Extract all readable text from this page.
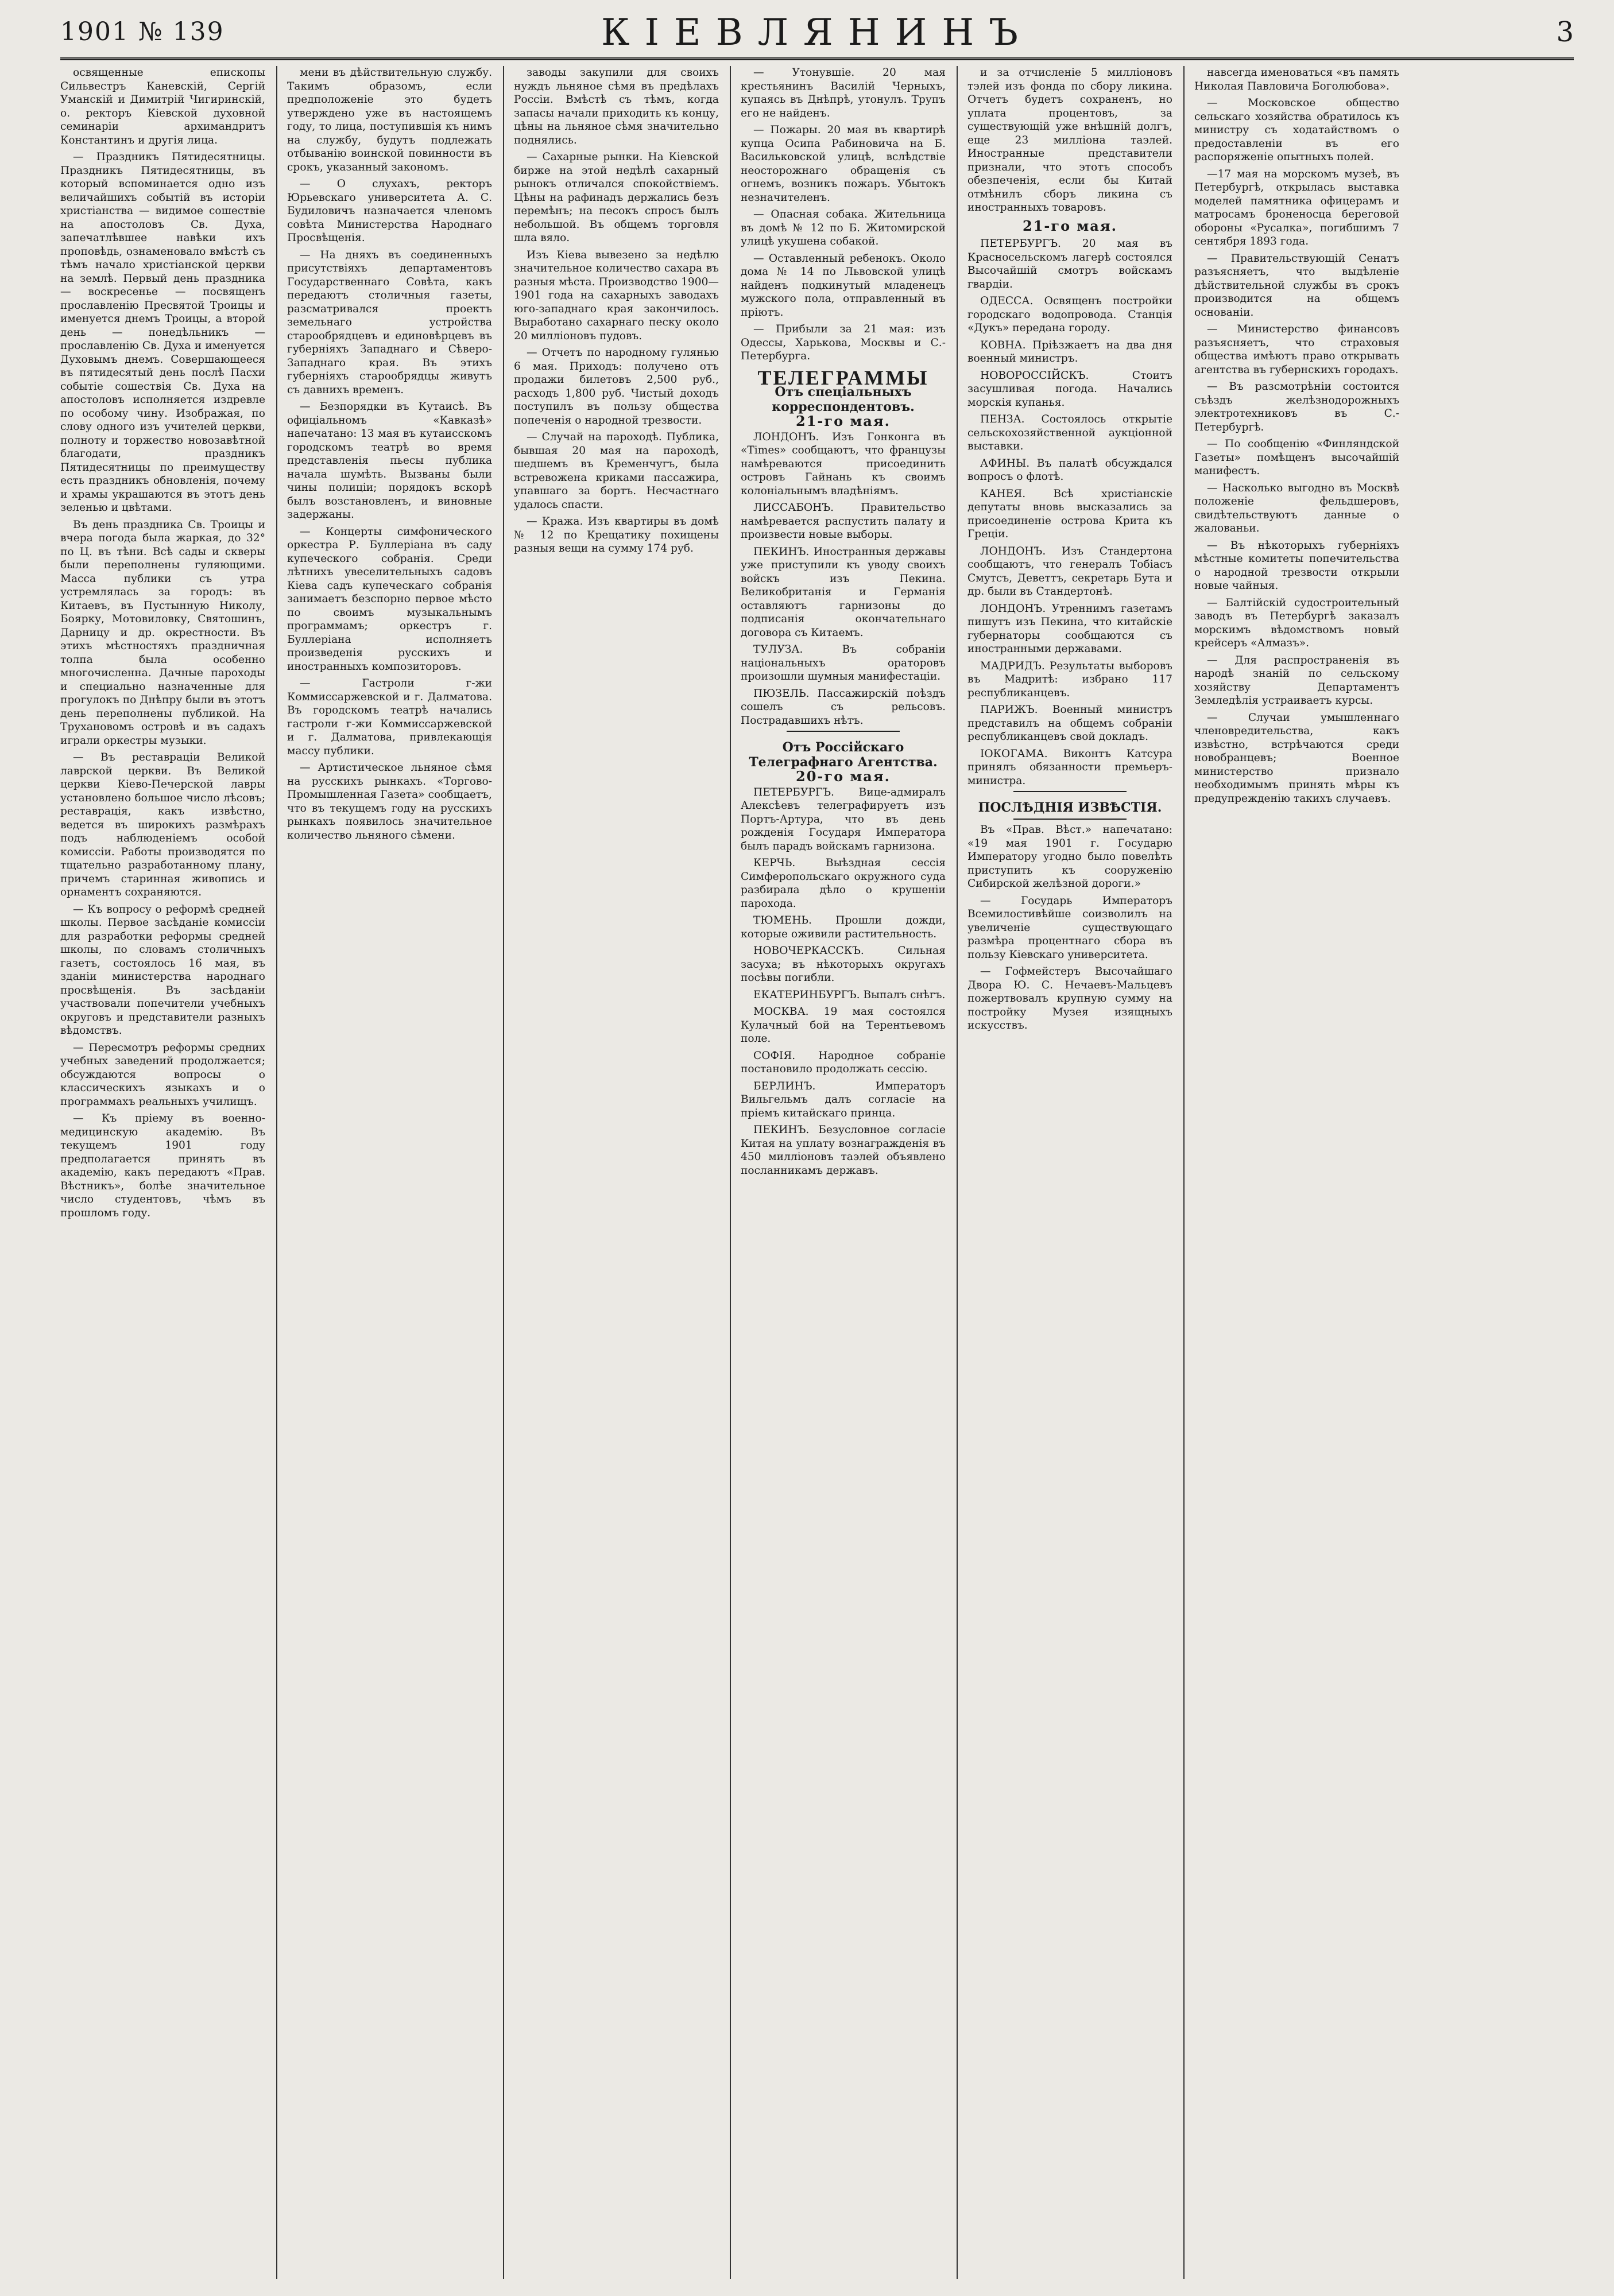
1901 № 139	КІЕВЛЯНИНЪ	3

освященные епископы Сильвестръ Каневскій, Сергій Уманскій и Димитрій Чигиринскій, о. ректоръ Кіевской духовной семинаріи архимандритъ Константинъ и другія лица.

— Праздникъ Пятидесятницы. Праздникъ Пятидесятницы, въ который вспоминается одно изъ величайшихъ событій въ исторіи христіанства — видимое сошествіе на апостоловъ Св. Духа, запечатлѣвшее навѣки ихъ проповѣдь, ознаменовало вмѣстѣ съ тѣмъ начало христіанской церкви на землѣ. Первый день праздника — воскресенье — посвященъ прославленію Пресвятой Троицы и именуется днемъ Троицы, а второй день — понедѣльникъ — прославленію Св. Духа и именуется Духовымъ днемъ. Совершающееся въ пятидесятый день послѣ Пасхи событіе сошествія Св. Духа на апостоловъ исполняется издревле по особому чину. Изображая, по слову одного изъ учителей церкви, полноту и торжество новозавѣтной благодати, праздникъ Пятидесятницы по преимуществу есть праздникъ обновленія, почему и храмы украшаются въ этотъ день зеленью и цвѣтами.

Въ день праздника Св. Троицы и вчера погода была жаркая, до 32° по Ц. въ тѣни. Всѣ сады и скверы были переполнены гуляющими. Масса публики съ утра устремлялась за городъ: въ Китаевъ, въ Пустынную Николу, Боярку, Мотовиловку, Святошинъ, Дарницу и др. окрестности. Въ этихъ мѣстностяхъ праздничная толпа была особенно многочисленна. Дачные пароходы и специально назначенные для прогулокъ по Днѣпру были въ этотъ день переполнены публикой. На Трухановомъ островѣ и въ садахъ играли оркестры музыки.

— Въ реставраціи Великой лаврской церкви. Въ Великой церкви Кіево-Печерской лавры установлено большое число лѣсовъ; реставрація, какъ извѣстно, ведется въ широкихъ размѣрахъ подъ наблюденіемъ особой комиссіи. Работы производятся по тщательно разработанному плану, причемъ старинная живопись и орнаментъ сохраняются.

— Къ вопросу о реформѣ средней школы. Первое засѣданіе комиссіи для разработки реформы средней школы, по словамъ столичныхъ газетъ, состоялось 16 мая, въ зданіи министерства народнаго просвѣщенія. Въ засѣданіи участвовали попечители учебныхъ округовъ и представители разныхъ вѣдомствъ.

— Пересмотръ реформы средних учебных заведений продолжается; обсуждаются вопросы о классическихъ языкахъ и о программахъ реальныхъ училищъ.

— Къ пріему въ военно-медицинскую академію. Въ текущемъ 1901 году предполагается принять въ академію, какъ передаютъ «Прав. Вѣстникъ», болѣе значительное число студентовъ, чѣмъ въ прошломъ году.

мени въ дѣйствительную службу. Такимъ образомъ, если предположеніе это будетъ утверждено уже въ настоящемъ году, то лица, поступившія къ нимъ на службу, будутъ подлежать отбыванію воинской повинности въ срокъ, указанный закономъ.

— О слухахъ, ректоръ Юрьевскаго университета А. С. Будиловичъ назначается членомъ совѣта Министерства Народнаго Просвѣщенія.

— На дняхъ въ соединенныхъ присутствіяхъ департаментовъ Государственнаго Совѣта, какъ передаютъ столичныя газеты, разсматривался проектъ земельнаго устройства старообрядцевъ и единовѣрцевъ въ губерніяхъ Западнаго и Сѣверо-Западнаго края. Въ этихъ губерніяхъ старообрядцы живутъ съ давнихъ временъ.

— Безпорядки въ Кутаисѣ. Въ офиціальномъ «Кавказѣ» напечатано: 13 мая въ кутаисскомъ городскомъ театрѣ во время представленія пьесы публика начала шумѣть. Вызваны были чины полиціи; порядокъ вскорѣ былъ возстановленъ, и виновные задержаны.

— Концерты симфонического оркестра Р. Буллеріана въ саду купеческого собранія. Среди лѣтнихъ увеселительныхъ садовъ Кіева садъ купеческаго собранія занимаетъ безспорно первое мѣсто по своимъ музыкальнымъ программамъ; оркестръ г. Буллеріана исполняетъ произведенія русскихъ и иностранныхъ композиторовъ.

— Гастроли г-жи Коммиссаржевской и г. Далматова. Въ городскомъ театрѣ начались гастроли г-жи Коммиссаржевской и г. Далматова, привлекающія массу публики.

— Артистическое льняное сѣмя на русскихъ рынкахъ. «Торгово-Промышленная Газета» сообщаетъ, что въ текущемъ году на русскихъ рынкахъ появилось значительное количество льняного сѣмени.

заводы закупили для своихъ нуждъ льняное сѣмя въ предѣлахъ Россіи. Вмѣстѣ съ тѣмъ, когда запасы начали приходить къ концу, цѣны на льняное сѣмя значительно поднялись.

— Сахарные рынки. На Кіевской бирже на этой недѣлѣ сахарный рынокъ отличался спокойствіемъ. Цѣны на рафинадъ держались безъ перемѣнъ; на песокъ спросъ былъ небольшой. Въ общемъ торговля шла вяло.

Изъ Кіева вывезено за недѣлю значительное количество сахара въ разныя мѣста. Производство 1900—1901 года на сахарныхъ заводахъ юго-западнаго края закончилось. Выработано сахарнаго песку около 20 милліоновъ пудовъ.

— Отчетъ по народному гулянью 6 мая. Приходъ: получено отъ продажи билетовъ 2,500 руб., расходъ 1,800 руб. Чистый доходъ поступилъ въ пользу общества попеченія о народной трезвости.

— Случай на пароходѣ. Публика, бывшая 20 мая на пароходѣ, шедшемъ въ Кременчугъ, была встревожена криками пассажира, упавшаго за бортъ. Несчастнаго удалось спасти.

— Кража. Изъ квартиры въ домѣ № 12 по Крещатику похищены разныя вещи на сумму 174 руб.

— Утонувшіе. 20 мая крестьянинъ Василій Черныхъ, купаясь въ Днѣпрѣ, утонулъ. Трупъ его не найденъ.

— Пожары. 20 мая въ квартирѣ купца Осипа Рабиновича на Б. Васильковской улицѣ, вслѣдствіе неосторожнаго обращенія съ огнемъ, возникъ пожаръ. Убытокъ незначителенъ.

— Опасная собака. Жительница въ домѣ № 12 по Б. Житомирской улицѣ укушена собакой.

— Оставленный ребенокъ. Около дома № 14 по Львовской улицѣ найденъ подкинутый младенецъ мужского пола, отправленный въ пріютъ.

— Прибыли за 21 мая: изъ Одессы, Харькова, Москвы и С.-Петербурга.

ТЕЛЕГРАММЫ
Отъ спеціальныхъ корреспондентовъ.
21-го мая.

ЛОНДОНЪ. Изъ Гонконга въ «Times» сообщаютъ, что французы намѣреваются присоединить островъ Гайнань къ своимъ колоніальнымъ владѣніямъ.

ЛИССАБОНЪ. Правительство намѣревается распустить палату и произвести новые выборы.

ПЕКИНЪ. Иностранныя державы уже приступили къ уводу своихъ войскъ изъ Пекина. Великобританія и Германія оставляютъ гарнизоны до подписанія окончательнаго договора съ Китаемъ.

ТУЛУЗА. Въ собраніи національныхъ ораторовъ произошли шумныя манифестаціи.

ПЮЗЕЛЬ. Пассажирскій поѣздъ сошелъ съ рельсовъ. Пострадавшихъ нѣтъ.

Отъ Россійскаго Телеграфнаго Агентства.
20-го мая.

ПЕТЕРБУРГЪ. Вице-адмиралъ Алексѣевъ телеграфируетъ изъ Портъ-Артура, что въ день рожденія Государя Императора былъ парадъ войскамъ гарнизона.

КЕРЧЬ. Выѣздная сессія Симферопольскаго окружного суда разбирала дѣло о крушеніи парохода.

ТЮМЕНЬ. Прошли дожди, которые оживили растительность.

НОВОЧЕРКАССКЪ. Сильная засуха; въ нѣкоторыхъ округахъ посѣвы погибли.

ЕКАТЕРИНБУРГЪ. Выпалъ снѣгъ.

МОСКВА. 19 мая состоялся Кулачный бой на Терентьевомъ поле.

СОФІЯ. Народное собраніе постановило продолжать сессію.

БЕРЛИНЪ. Императоръ Вильгельмъ далъ согласіе на пріемъ китайскаго принца.

ПЕКИНЪ. Безусловное согласіе Китая на уплату вознагражденія въ 450 милліоновъ таэлей объявлено посланникамъ державъ.

и за отчисленіе 5 милліоновъ тэлей изъ фонда по сбору ликина. Отчетъ будетъ сохраненъ, но уплата процентовъ, за существующій уже внѣшній долгъ, еще 23 милліона таэлей. Иностранные представители признали, что этотъ способъ обезпеченія, если бы Китай отмѣнилъ сборъ ликина съ иностранныхъ товаровъ.

21-го мая.

ПЕТЕРБУРГЪ. 20 мая въ Красносельскомъ лагерѣ состоялся Высочайшій смотръ войскамъ гвардіи.

ОДЕССА. Освященъ постройки городскаго водопровода. Станція «Дукъ» передана городу.

КОВНА. Пріѣзжаетъ на два дня военный министръ.

НОВОРОССІЙСКЪ. Стоитъ засушливая погода. Начались морскія купанья.

ПЕНЗА. Состоялось открытіе сельскохозяйственной аукціонной выставки.

АФИНЫ. Въ палатѣ обсуждался вопросъ о флотѣ.

КАНЕЯ. Всѣ христіанскіе депутаты вновь высказались за присоединеніе острова Крита къ Греціи.

ЛОНДОНЪ. Изъ Стандертона сообщаютъ, что генералъ Тобіасъ Смутсъ, Деветтъ, секретарь Бута и др. были въ Стандертонѣ.

ЛОНДОНЪ. Утреннимъ газетамъ пишутъ изъ Пекина, что китайскіе губернаторы сообщаются съ иностранными державами.

МАДРИДЪ. Результаты выборовъ въ Мадритѣ: избрано 117 республиканцевъ.

ПАРИЖЪ. Военный министръ представилъ на общемъ собраніи республиканцевъ свой докладъ.

ІОКОГАМА. Виконтъ Катсура принялъ обязанности премьеръ-министра.

ПОСЛѢДНІЯ ИЗВѢСТІЯ.

Въ «Прав. Вѣст.» напечатано: «19 мая 1901 г. Государю Императору угодно было повелѣть приступить къ сооруженію Сибирской желѣзной дороги.»

— Государь Императоръ Всемилостивѣйше соизволилъ на увеличеніе существующаго размѣра процентнаго сбора въ пользу Кіевскаго университета.

— Гофмейстеръ Высочайшаго Двора Ю. С. Нечаевъ-Мальцевъ пожертвовалъ крупную сумму на постройку Музея изящныхъ искусствъ.

навсегда именоваться «въ память Николая Павловича Боголюбова».

— Московское общество сельскаго хозяйства обратилось къ министру съ ходатайствомъ о предоставленіи въ его распоряженіе опытныхъ полей.

—17 мая на морскомъ музеѣ, въ Петербургѣ, открылась выставка моделей памятника офицерамъ и матросамъ броненосца береговой обороны «Русалка», погибшимъ 7 сентября 1893 года.

— Правительствующій Сенатъ разъясняетъ, что выдѣленіе дѣйствительной службы въ срокъ производится на общемъ основаніи.

— Министерство финансовъ разъясняетъ, что страховыя общества имѣютъ право открывать агентства въ губернскихъ городахъ.

— Въ разсмотрѣніи состоится съѣздъ желѣзнодорожныхъ электротехниковъ въ С.-Петербургѣ.

— По сообщенію «Финляндской Газеты» помѣщенъ высочайшій манифестъ.

— Насколько выгодно въ Москвѣ положеніе фельдшеровъ, свидѣтельствуютъ данные о жалованьи.

— Въ нѣкоторыхъ губерніяхъ мѣстные комитеты попечительства о народной трезвости открыли новые чайныя.

— Балтійскій судостроительный заводъ въ Петербургѣ заказалъ морскимъ вѣдомствомъ новый крейсеръ «Алмазъ».

— Для распространенія въ народѣ знаній по сельскому хозяйству Департаментъ Земледѣлія устраиваетъ курсы.

— Случаи умышленнаго членовредительства, какъ извѣстно, встрѣчаются среди новобранцевъ; Военное министерство признало необходимымъ принять мѣры къ предупрежденію такихъ случаевъ.
